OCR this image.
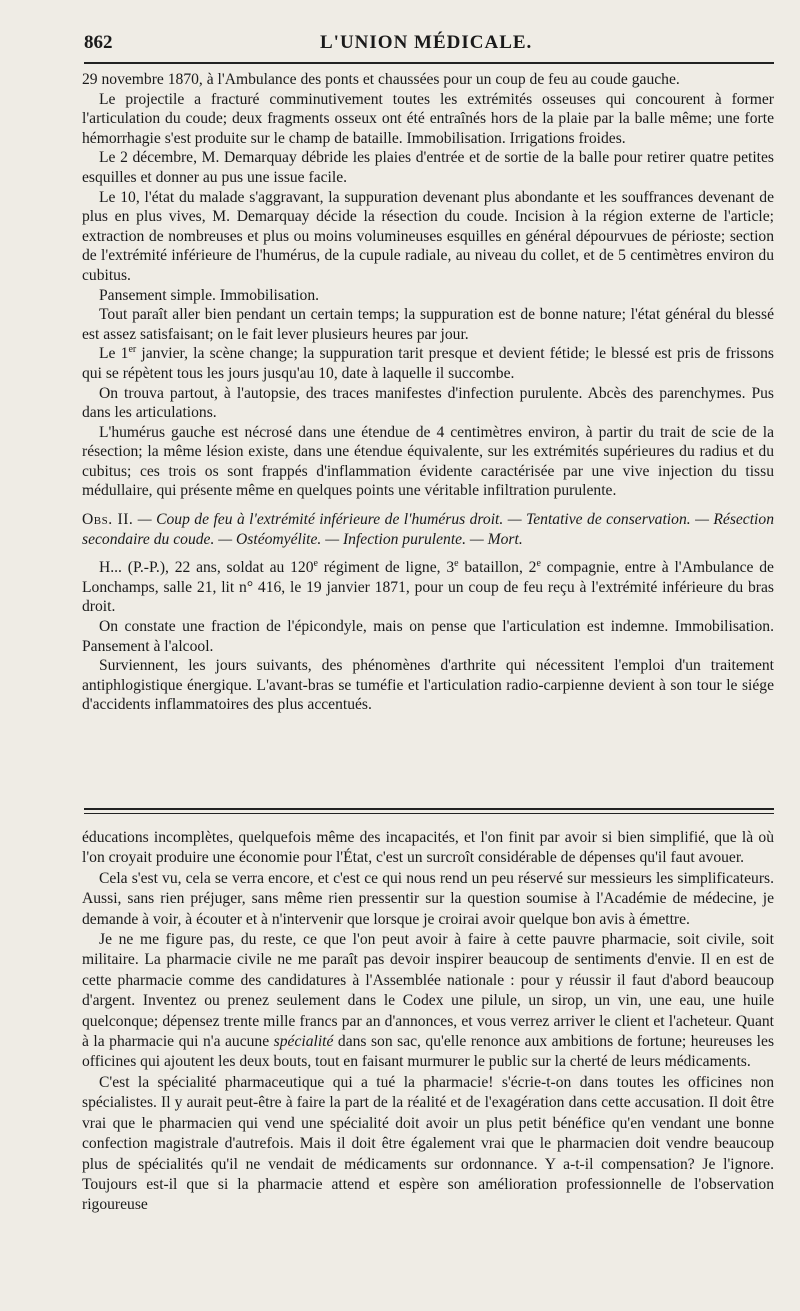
862	L'UNION MÉDICALE.

29 novembre 1870, à l'Ambulance des ponts et chaussées pour un coup de feu au coude gauche.

Le projectile a fracturé comminutivement toutes les extrémités osseuses qui concourent à former l'articulation du coude; deux fragments osseux ont été entraînés hors de la plaie par la balle même; une forte hémorrhagie s'est produite sur le champ de bataille. Immobilisation. Irrigations froides.

Le 2 décembre, M. Demarquay débride les plaies d'entrée et de sortie de la balle pour retirer quatre petites esquilles et donner au pus une issue facile.

Le 10, l'état du malade s'aggravant, la suppuration devenant plus abondante et les souffrances devenant de plus en plus vives, M. Demarquay décide la résection du coude. Incision à la région externe de l'article; extraction de nombreuses et plus ou moins volumineuses esquilles en général dépourvues de périoste; section de l'extrémité inférieure de l'humérus, de la cupule radiale, au niveau du collet, et de 5 centimètres environ du cubitus.

Pansement simple. Immobilisation.

Tout paraît aller bien pendant un certain temps; la suppuration est de bonne nature; l'état général du blessé est assez satisfaisant; on le fait lever plusieurs heures par jour.

Le 1er janvier, la scène change; la suppuration tarit presque et devient fétide; le blessé est pris de frissons qui se répètent tous les jours jusqu'au 10, date à laquelle il succombe.

On trouva partout, à l'autopsie, des traces manifestes d'infection purulente. Abcès des parenchymes. Pus dans les articulations.

L'humérus gauche est nécrosé dans une étendue de 4 centimètres environ, à partir du trait de scie de la résection; la même lésion existe, dans une étendue équivalente, sur les extrémités supérieures du radius et du cubitus; ces trois os sont frappés d'inflammation évidente caractérisée par une vive injection du tissu médullaire, qui présente même en quelques points une véritable infiltration purulente.

Obs. II. — Coup de feu à l'extrémité inférieure de l'humérus droit. — Tentative de conservation. — Résection secondaire du coude. — Ostéomyélite. — Infection purulente. — Mort.

H... (P.-P.), 22 ans, soldat au 120e régiment de ligne, 3e bataillon, 2e compagnie, entre à l'Ambulance de Lonchamps, salle 21, lit n° 416, le 19 janvier 1871, pour un coup de feu reçu à l'extrémité inférieure du bras droit.

On constate une fraction de l'épicondyle, mais on pense que l'articulation est indemne. Immobilisation. Pansement à l'alcool.

Surviennent, les jours suivants, des phénomènes d'arthrite qui nécessitent l'emploi d'un traitement antiphlogistique énergique. L'avant-bras se tuméfie et l'articulation radio-carpienne devient à son tour le siége d'accidents inflammatoires des plus accentués.

éducations incomplètes, quelquefois même des incapacités, et l'on finit par avoir si bien simplifié, que là où l'on croyait produire une économie pour l'État, c'est un surcroît considérable de dépenses qu'il faut avouer.

Cela s'est vu, cela se verra encore, et c'est ce qui nous rend un peu réservé sur messieurs les simplificateurs. Aussi, sans rien préjuger, sans même rien pressentir sur la question soumise à l'Académie de médecine, je demande à voir, à écouter et à n'intervenir que lorsque je croirai avoir quelque bon avis à émettre.

Je ne me figure pas, du reste, ce que l'on peut avoir à faire à cette pauvre pharmacie, soit civile, soit militaire. La pharmacie civile ne me paraît pas devoir inspirer beaucoup de sentiments d'envie. Il en est de cette pharmacie comme des candidatures à l'Assemblée nationale : pour y réussir il faut d'abord beaucoup d'argent. Inventez ou prenez seulement dans le Codex une pilule, un sirop, un vin, une eau, une huile quelconque; dépensez trente mille francs par an d'annonces, et vous verrez arriver le client et l'acheteur. Quant à la pharmacie qui n'a aucune spécialité dans son sac, qu'elle renonce aux ambitions de fortune; heureuses les officines qui ajoutent les deux bouts, tout en faisant murmurer le public sur la cherté de leurs médicaments.

C'est la spécialité pharmaceutique qui a tué la pharmacie! s'écrie-t-on dans toutes les officines non spécialistes. Il y aurait peut-être à faire la part de la réalité et de l'exagération dans cette accusation. Il doit être vrai que le pharmacien qui vend une spécialité doit avoir un plus petit bénéfice qu'en vendant une bonne confection magistrale d'autrefois. Mais il doit être également vrai que le pharmacien doit vendre beaucoup plus de spécialités qu'il ne vendait de médicaments sur ordonnance. Y a-t-il compensation? Je l'ignore. Toujours est-il que si la pharmacie attend et espère son amélioration professionnelle de l'observation rigoureuse
